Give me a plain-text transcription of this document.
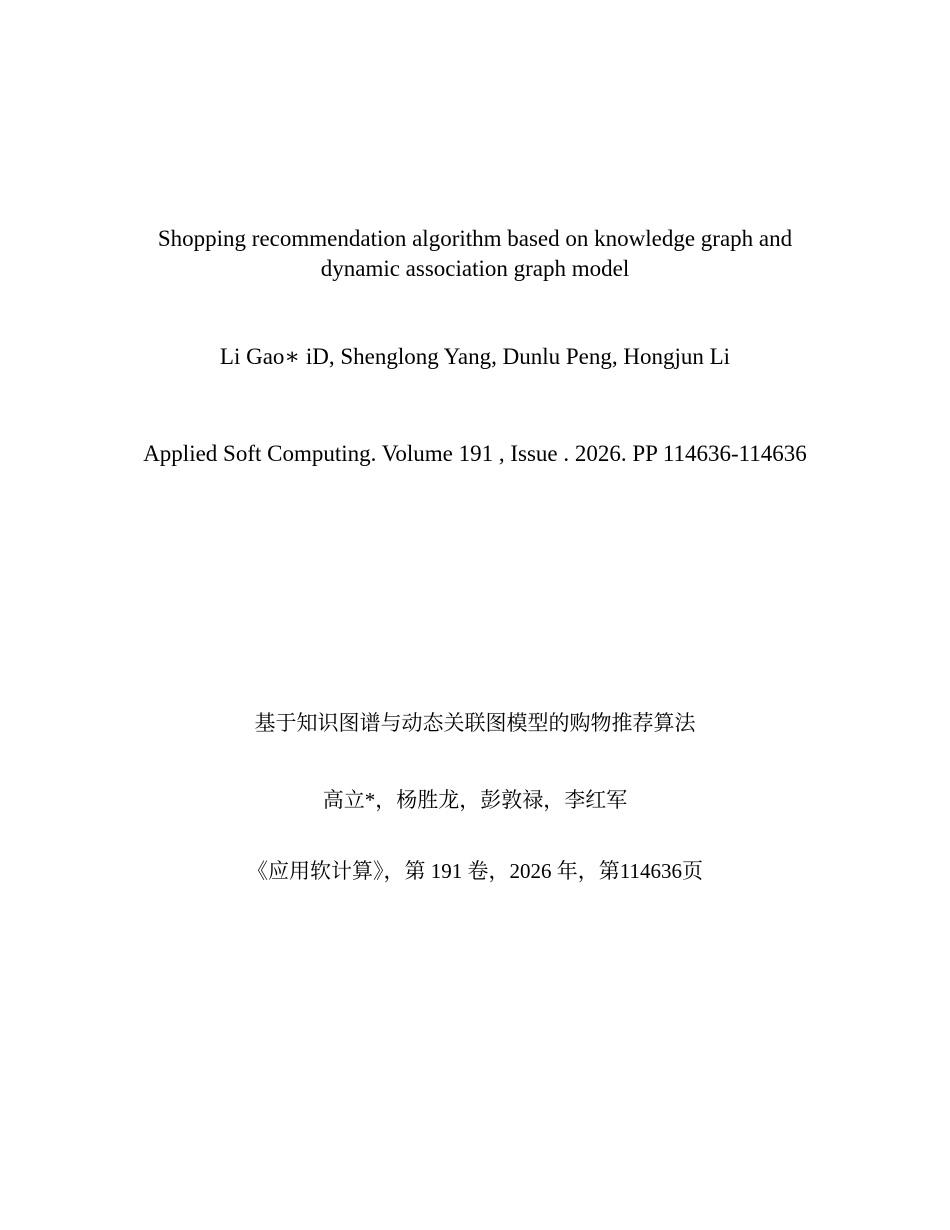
Shopping recommendation algorithm based on knowledge graph and
dynamic association graph model
Li Gao∗ iD, Shenglong Yang, Dunlu Peng, Hongjun Li
Applied Soft Computing. Volume 191 , Issue . 2026. PP 114636-114636
基于知识图谱与动态关联图模型的购物推荐算法
高立*，杨胜龙，彭敦禄，李红军
《应用软计算》，第 191 卷，2026 年，第114636页
